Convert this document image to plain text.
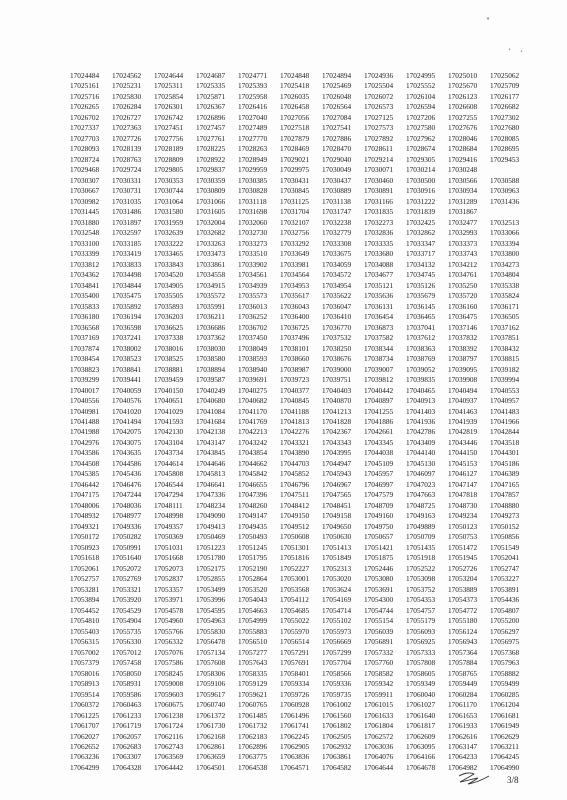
•
• •
17024484	17024562	17024644	17024687	17024771	17024848	17024894	17024936	17024995	17025010	17025062
17025161	17025231	17025311	17025335	17025393	17025418	17025469	17025504	17025552	17025670	17025709
17025716	17025830	17025854	17025871	17025958	17026035	17026048	17026072	17026104	17026123	17026177
17026265	17026284	17026301	17026367	17026416	17026458	17026564	17026573	17026594	17026608	17026682
17026702	17026727	17026742	17026896	17027040	17027056	17027084	17027125	17027206	17027255	17027302
17027337	17027363	17027451	17027457	17027489	17027518	17027541	17027573	17027580	17027676	17027680
17027703	17027726	17027756	17027761	17027770	17027879	17027886	17027892	17027962	17028046	17028085
17028093	17028139	17028189	17028225	17028263	17028469	17028470	17028611	17028674	17028684	17028695
17028724	17028763	17028809	17028922	17028949	17029021	17029040	17029214	17029305	17029416	17029453
17029468	17029724	17029805	17029837	17029959	17029975	17030049	17030071	17030214	17030248	
17030307	17030331	17030353	17030359	17030385	17030431	17030437	17030460	17030500	17030566	17030588
17030667	17030731	17030744	17030809	17030828	17030845	17030889	17030891	17030916	17030934	17030963
17030982	17031035	17031064	17031066	17031118	17031125	17031138	17031166	17031222	17031289	17031436
17031445	17031486	17031580	17031605	17031698	17031704	17031747	17031835	17031839	17031867	
17031880	17031897	17031959	17032004	17032060	17032107	17032238	17032273	17032425	17032477	17032513
17032548	17032597	17032639	17032682	17032730	17032756	17032779	17032836	17032862	17032993	17033066
17033100	17033185	17033222	17033263	17033273	17033292	17033308	17033335	17033347	17033373	17033394
17033399	17033419	17033465	17033473	17033510	17033649	17033675	17033680	17033717	17033743	17033800
17033812	17033833	17033843	17033861	17033902	17033981	17034059	17034088	17034132	17034212	17034273
17034362	17034498	17034520	17034558	17034561	17034564	17034572	17034677	17034745	17034761	17034804
17034841	17034844	17034905	17034915	17034939	17034953	17034954	17035121	17035126	17035250	17035338
17035400	17035475	17035505	17035572	17035573	17035617	17035622	17035636	17035679	17035720	17035824
17035833	17035892	17035893	17035991	17036013	17036043	17036047	17036131	17036145	17036160	17036171
17036180	17036194	17036203	17036211	17036252	17036400	17036410	17036454	17036465	17036475	17036505
17036568	17036598	17036625	17036686	17036702	17036725	17036770	17036873	17037041	17037146	17037162
17037169	17037241	17037338	17037362	17037450	17037496	17037532	17037582	17037612	17037832	17037851
17037874	17038002	17038016	17038030	17038049	17038101	17038250	17038344	17038363	17038392	17038432
17038454	17038523	17038525	17038580	17038593	17038660	17038676	17038734	17038769	17038797	17038815
17038823	17038841	17038881	17038894	17038940	17038987	17039000	17039007	17039052	17039095	17039182
17039299	17039441	17039459	17039587	17039691	17039723	17039751	17039812	17039835	17039908	17039994
17040017	17040059	17040150	17040249	17040275	17040377	17040403	17040442	17040465	17040494	17040553
17040556	17040576	17040651	17040680	17040682	17040845	17040870	17040897	17040913	17040937	17040957
17040981	17041020	17041029	17041084	17041170	17041188	17041213	17041255	17041403	17041463	17041483
17041488	17041494	17041593	17041684	17041769	17041813	17041828	17041886	17041936	17041939	17041966
17041988	17042075	17042130	17042138	17042213	17042276	17042367	17042661	17042786	17042819	17042844
17042976	17043075	17043104	17043147	17043242	17043321	17043343	17043345	17043409	17043446	17043518
17043586	17043635	17043734	17043845	17043854	17043890	17043995	17044038	17044140	17044150	17044301
17044508	17044586	17044614	17044646	17044662	17044703	17044947	17045109	17045130	17045153	17045186
17045385	17045436	17045808	17045813	17045842	17045852	17045943	17045957	17046097	17046127	17046389
17046442	17046476	17046544	17046641	17046655	17046796	17046967	17046997	17047023	17047147	17047165
17047175	17047244	17047294	17047336	17047396	17047511	17047565	17047579	17047663	17047818	17047857
17048006	17048036	17048111	17048234	17048260	17048412	17048451	17048709	17048725	17048730	17048880
17048932	17048977	17048998	17049090	17049147	17049150	17049158	17049160	17049163	17049234	17049273
17049321	17049336	17049357	17049413	17049435	17049512	17049650	17049750	17049889	17050123	17050152
17050172	17050282	17050369	17050469	17050493	17050608	17050630	17050657	17050709	17050753	17050856
17050923	17050991	17051031	17051223	17051245	17051301	17051413	17051421	17051435	17051472	17051549
17051618	17051640	17051668	17051780	17051795	17051816	17051849	17051875	17051918	17051945	17052041
17052061	17052072	17052073	17052175	17052190	17052227	17052313	17052446	17052522	17052726	17052747
17052757	17052769	17052837	17052855	17052864	17053001	17053020	17053080	17053098	17053204	17053227
17053281	17053321	17053357	17053499	17053520	17053568	17053624	17053691	17053752	17053889	17053891
17053894	17053920	17053971	17053996	17054043	17054112	17054169	17054300	17054353	17054373	17054436
17054452	17054529	17054578	17054595	17054663	17054685	17054714	17054744	17054757	17054772	17054807
17054810	17054904	17054960	17054963	17054999	17055022	17055102	17055154	17055179	17055180	17055200
17055403	17055735	17055766	17055830	17055883	17055970	17055973	17056039	17056093	17056124	17056297
17056315	17056330	17056332	17056478	17056510	17056514	17056669	17056891	17056925	17056943	17056975
17057002	17057012	17057076	17057134	17057277	17057291	17057299	17057332	17057333	17057364	17057368
17057379	17057458	17057586	17057608	17057643	17057691	17057704	17057760	17057808	17057884	17057963
17058016	17058050	17058245	17058306	17058335	17058401	17058566	17058582	17058605	17058765	17058882
17058913	17058931	17059008	17059106	17059129	17059334	17059336	17059342	17059349	17059449	17059499
17059514	17059586	17059603	17059617	17059621	17059726	17059735	17059911	17060040	17060284	17060285
17060372	17060463	17060675	17060740	17060765	17060928	17061002	17061015	17061027	17061170	17061204
17061225	17061233	17061238	17061372	17061485	17061496	17061560	17061633	17061640	17061653	17061681
17061707	17061719	17061724	17061730	17061732	17061741	17061802	17061804	17061817	17061933	17061949
17062027	17062057	17062116	17062168	17062183	17062245	17062505	17062572	17062609	17062616	17062629
17062652	17062683	17062743	17062861	17062896	17062905	17062932	17063036	17063095	17063147	17063211
17063236	17063307	17063569	17063659	17063775	17063836	17063861	17064076	17064166	17064233	17064245
17064299	17064328	17064442	17064501	17064538	17064571	17064582	17064644	17064678	17064982	17064990
3/8
